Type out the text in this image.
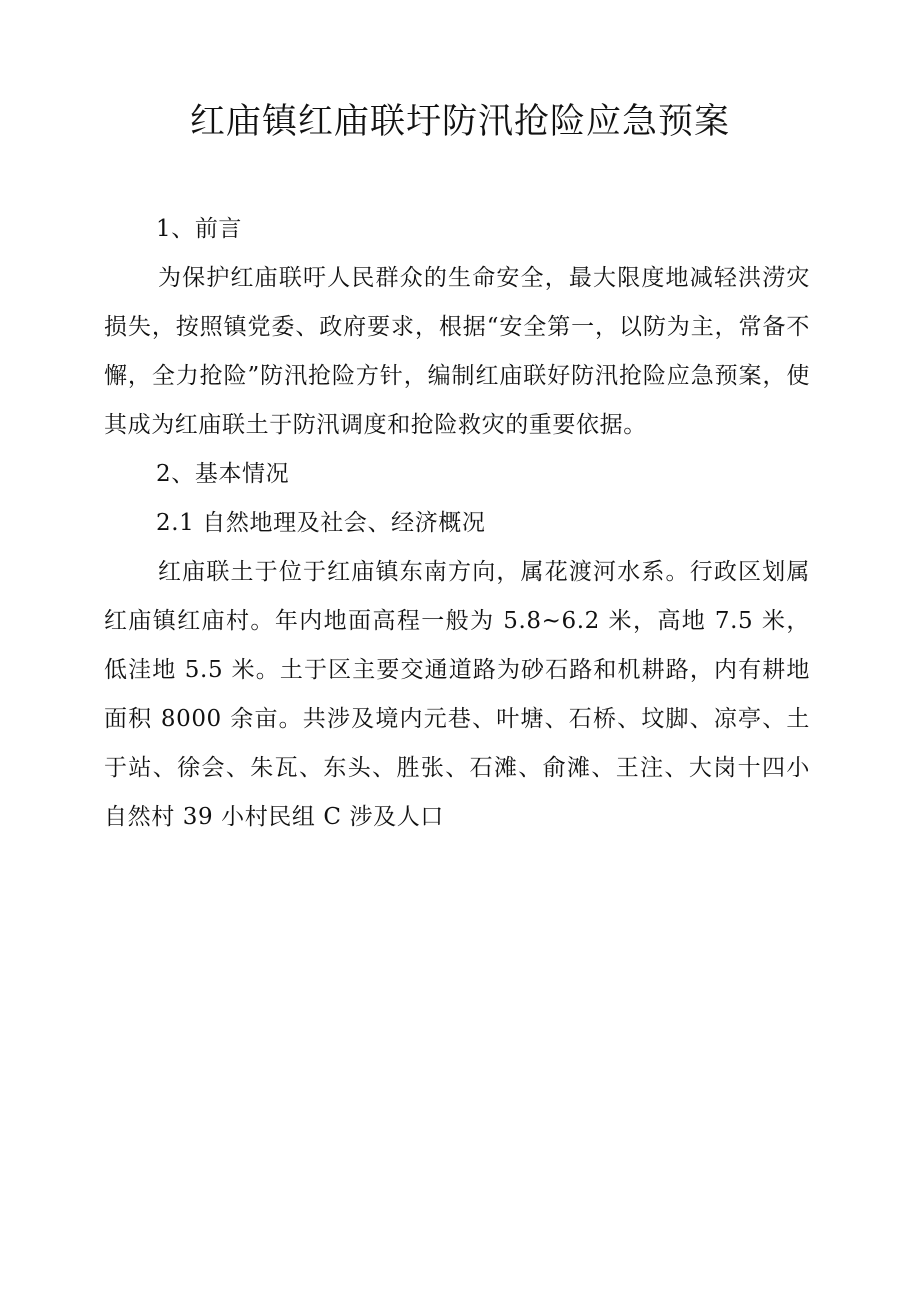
红庙镇红庙联圩防汛抢险应急预案

1、前言

为保护红庙联吁人民群众的生命安全，最大限度地减轻洪涝灾损失，按照镇党委、政府要求，根据“安全第一，以防为主，常备不懈，全力抢险”防汛抢险方针，编制红庙联好防汛抢险应急预案，使其成为红庙联土于防汛调度和抢险救灾的重要依据。

2、基本情况

2.1 自然地理及社会、经济概况

红庙联土于位于红庙镇东南方向，属花渡河水系。行政区划属红庙镇红庙村。年内地面高程一般为 5.8~6.2 米，高地 7.5 米，低洼地 5.5 米。土于区主要交通道路为砂石路和机耕路，内有耕地面积 8000 余亩。共涉及境内元巷、叶塘、石桥、坟脚、凉亭、土于站、徐会、朱瓦、东头、胜张、石滩、俞滩、王注、大岗十四小自然村 39 小村民组 C 涉及人口
